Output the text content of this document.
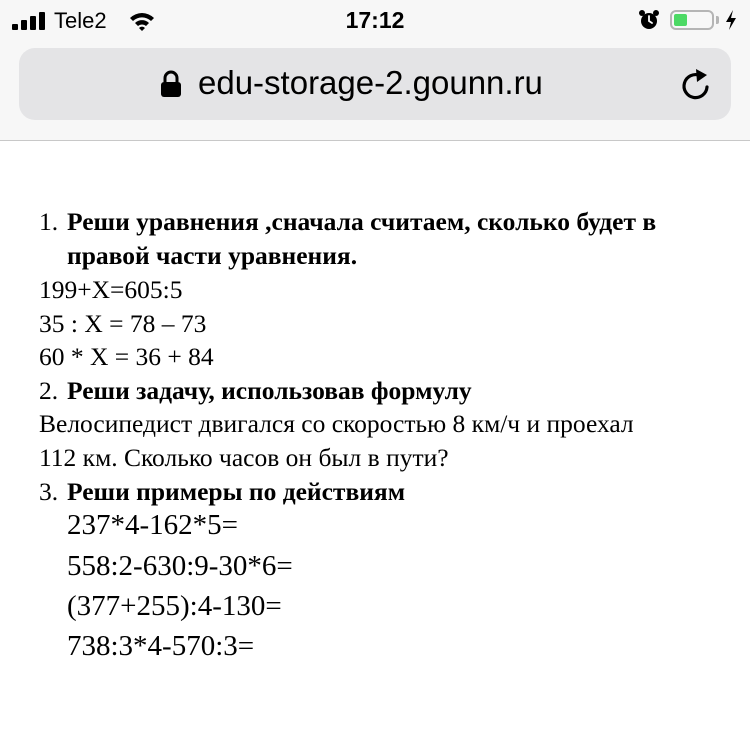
Tele2	17:12
edu-storage-2.gounn.ru
1. Реши уравнения ,сначала считаем, сколько будет в
правой части уравнения.
199+X=605:5
35 : X = 78 – 73
60 * X = 36 + 84
2. Реши задачу, использовав формулу
Велосипедист двигался со скоростью 8 км/ч и проехал
112 км. Сколько часов он был в пути?
3. Реши примеры по действиям
237*4-162*5=
558:2-630:9-30*6=
(377+255):4-130=
738:3*4-570:3=
